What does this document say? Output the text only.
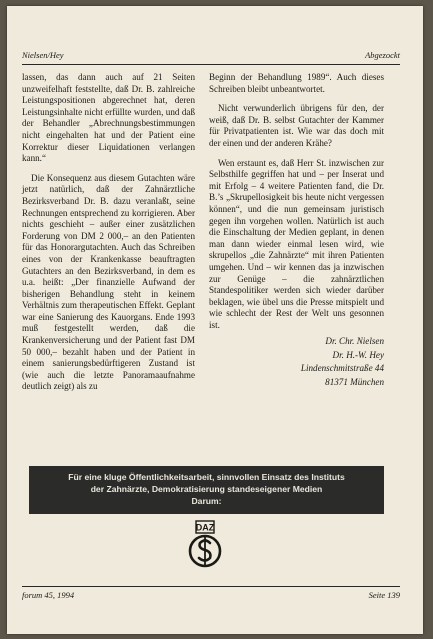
Nielsen/Hey	Abgezockt

lassen, das dann auch auf 21 Seiten unzweifelhaft feststellte, daß Dr. B. zahlreiche Leistungspositionen abgerechnet hat, deren Leistungsinhalte nicht erfüllte wurden, und daß der Behandler „Abrechnungsbestimmungen nicht eingehalten hat und der Patient eine Korrektur dieser Liquidationen verlangen kann.“

Die Konsequenz aus diesem Gutachten wäre jetzt natürlich, daß der Zahnärztliche Bezirksverband Dr. B. dazu veranlaßt, seine Rechnungen entsprechend zu korrigieren. Aber nichts geschieht – außer einer zusätzlichen Forderung von DM 2 000,– an den Patienten für das Honorargutachten. Auch das Schreiben eines von der Krankenkasse beauftragten Gutachters an den Bezirksverband, in dem es u.a. heißt: „Der finanzielle Aufwand der bisherigen Behandlung steht in keinem Verhältnis zum therapeutischen Effekt. Geplant war eine Sanierung des Kauorgans. Ende 1993 muß festgestellt werden, daß die Krankenversicherung und der Patient fast DM 50 000,– bezahlt haben und der Patient in einem sanierungsbedürftigeren Zustand ist (wie auch die letzte Panoramaaufnahme deutlich zeigt) als zu

Beginn der Behandlung 1989“. Auch dieses Schreiben bleibt unbeantwortet.

Nicht verwunderlich übrigens für den, der weiß, daß Dr. B. selbst Gutachter der Kammer für Privatpatienten ist. Wie war das doch mit der einen und der anderen Krähe?

Wen erstaunt es, daß Herr St. inzwischen zur Selbsthilfe gegriffen hat und – per Inserat und mit Erfolg – 4 weitere Patienten fand, die Dr. B.’s „Skrupellosigkeit bis heute nicht vergessen können“, und die nun gemeinsam juristisch gegen ihn vorgehen wollen. Natürlich ist auch die Einschaltung der Medien geplant, in denen man dann wieder einmal lesen wird, wie skrupellos „die Zahnärzte“ mit ihren Patienten umgehen. Und – wir kennen das ja inzwischen zur Genüge – die zahnärztlichen Standespolitiker werden sich wieder darüber beklagen, wie übel uns die Presse mitspielt und wie schlecht der Rest der Welt uns gesonnen ist.

Dr. Chr. Nielsen
Dr. H.-W. Hey
Lindenschmitstraße 44
81371 München
Für eine kluge Öffentlichkeitsarbeit, sinnvollen Einsatz des Instituts
der Zahnärzte, Demokratisierung standeseigener Medien
Darum:
DAZ
forum 45, 1994	Seite 139
